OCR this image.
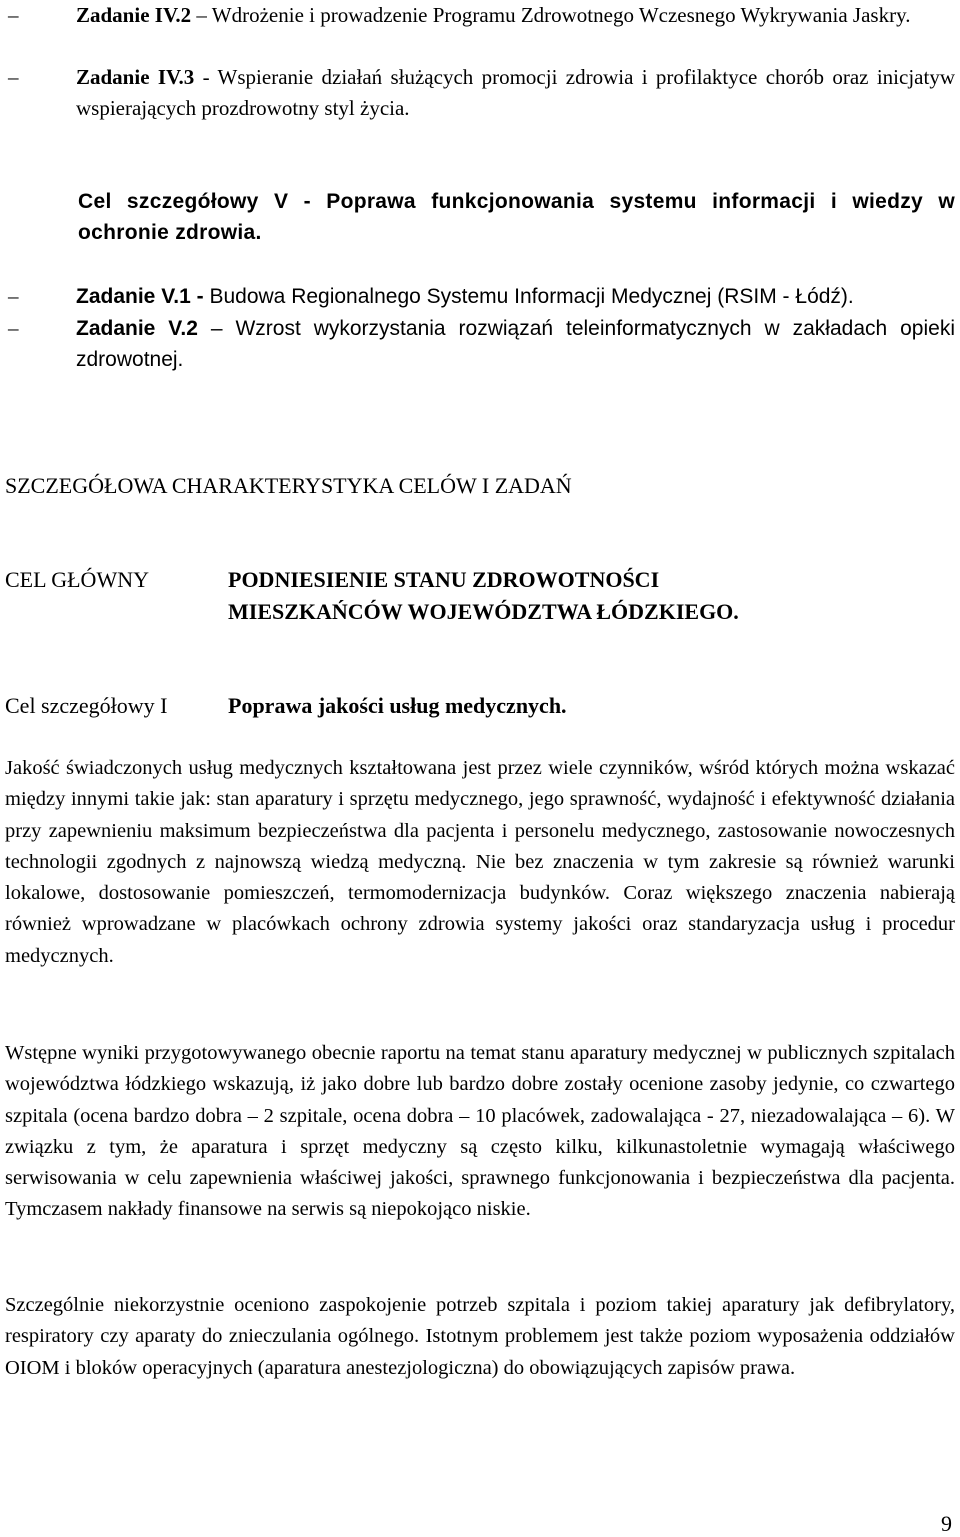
–	Zadanie IV.2 – Wdrożenie i prowadzenie Programu Zdrowotnego Wczesnego Wykrywania Jaskry.
–	Zadanie IV.3 - Wspieranie działań służących promocji zdrowia i profilaktyce chorób oraz inicjatyw wspierających prozdrowotny styl życia.
Cel szczegółowy V - Poprawa funkcjonowania systemu informacji i wiedzy w ochronie zdrowia.
–	Zadanie V.1 - Budowa Regionalnego Systemu Informacji Medycznej (RSIM - Łódź).
–	Zadanie V.2 – Wzrost wykorzystania rozwiązań teleinformatycznych w zakładach opieki zdrowotnej.
SZCZEGÓŁOWA CHARAKTERYSTYKA CELÓW I ZADAŃ
CEL GŁÓWNY	PODNIESIENIE STANU ZDROWOTNOŚCI
MIESZKAŃCÓW WOJEWÓDZTWA ŁÓDZKIEGO.
Cel szczegółowy I	Poprawa jakości usług medycznych.
Jakość świadczonych usług medycznych kształtowana jest przez wiele czynników, wśród których można wskazać między innymi takie jak: stan aparatury i sprzętu medycznego, jego sprawność, wydajność i efektywność działania przy zapewnieniu maksimum bezpieczeństwa dla pacjenta i personelu medycznego, zastosowanie nowoczesnych technologii zgodnych z najnowszą wiedzą medyczną. Nie bez znaczenia w tym zakresie są również warunki lokalowe, dostosowanie pomieszczeń, termomodernizacja budynków. Coraz większego znaczenia nabierają również wprowadzane w placówkach ochrony zdrowia systemy jakości oraz standaryzacja usług i procedur medycznych.
Wstępne wyniki przygotowywanego obecnie raportu na temat stanu aparatury medycznej w publicznych szpitalach województwa łódzkiego wskazują, iż jako dobre lub bardzo dobre zostały ocenione zasoby jedynie, co czwartego szpitala (ocena bardzo dobra – 2 szpitale, ocena dobra – 10 placówek, zadowalająca - 27, niezadowalająca – 6). W związku z tym, że aparatura i sprzęt medyczny są często kilku, kilkunastoletnie wymagają właściwego serwisowania w celu zapewnienia właściwej jakości, sprawnego funkcjonowania i bezpieczeństwa dla pacjenta. Tymczasem nakłady finansowe na serwis są niepokojąco niskie.
Szczególnie niekorzystnie oceniono zaspokojenie potrzeb szpitala i poziom takiej aparatury jak defibrylatory, respiratory czy aparaty do znieczulania ogólnego. Istotnym problemem jest także poziom wyposażenia oddziałów OIOM i bloków operacyjnych (aparatura anestezjologiczna) do obowiązujących zapisów prawa.
9
